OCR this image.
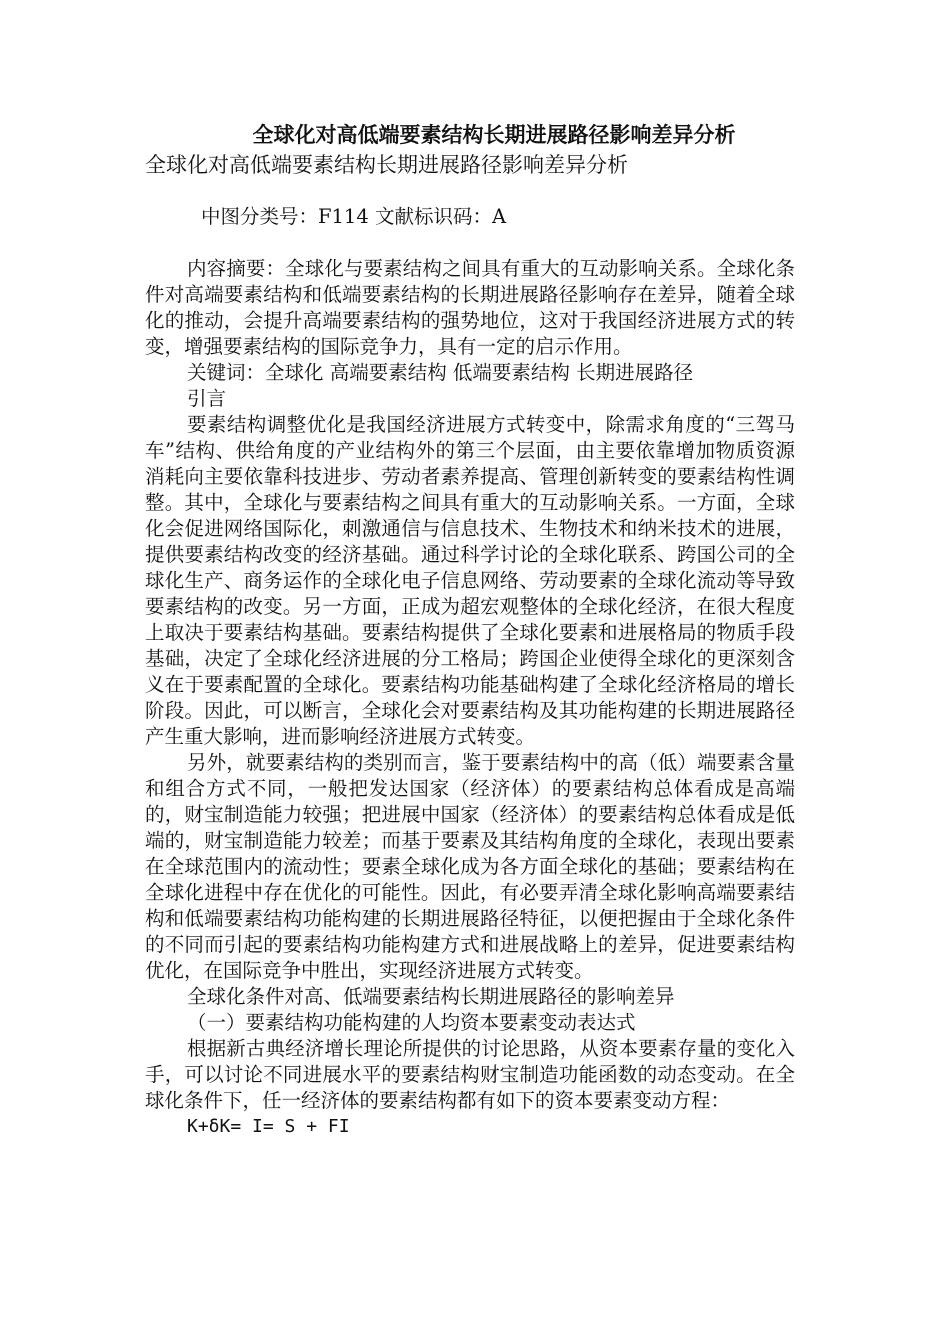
全球化对高低端要素结构长期进展路径影响差异分析

全球化对高低端要素结构长期进展路径影响差异分析

中图分类号：F114 文献标识码：A

内容摘要：全球化与要素结构之间具有重大的互动影响关系。全球化条件对高端要素结构和低端要素结构的长期进展路径影响存在差异，随着全球化的推动，会提升高端要素结构的强势地位，这对于我国经济进展方式的转变，增强要素结构的国际竞争力，具有一定的启示作用。

关键词：全球化 高端要素结构 低端要素结构 长期进展路径

引言

要素结构调整优化是我国经济进展方式转变中，除需求角度的“三驾马车”结构、供给角度的产业结构外的第三个层面，由主要依靠增加物质资源消耗向主要依靠科技进步、劳动者素养提高、管理创新转变的要素结构性调整。其中，全球化与要素结构之间具有重大的互动影响关系。一方面，全球化会促进网络国际化，刺激通信与信息技术、生物技术和纳米技术的进展，提供要素结构改变的经济基础。通过科学讨论的全球化联系、跨国公司的全球化生产、商务运作的全球化电子信息网络、劳动要素的全球化流动等导致要素结构的改变。另一方面，正成为超宏观整体的全球化经济，在很大程度上取决于要素结构基础。要素结构提供了全球化要素和进展格局的物质手段基础，决定了全球化经济进展的分工格局；跨国企业使得全球化的更深刻含义在于要素配置的全球化。要素结构功能基础构建了全球化经济格局的增长阶段。因此，可以断言，全球化会对要素结构及其功能构建的长期进展路径产生重大影响，进而影响经济进展方式转变。

另外，就要素结构的类别而言，鉴于要素结构中的高（低）端要素含量和组合方式不同，一般把发达国家（经济体）的要素结构总体看成是高端的，财宝制造能力较强；把进展中国家（经济体）的要素结构总体看成是低端的，财宝制造能力较差；而基于要素及其结构角度的全球化，表现出要素在全球范围内的流动性；要素全球化成为各方面全球化的基础；要素结构在全球化进程中存在优化的可能性。因此，有必要弄清全球化影响高端要素结构和低端要素结构功能构建的长期进展路径特征，以便把握由于全球化条件的不同而引起的要素结构功能构建方式和进展战略上的差异，促进要素结构优化，在国际竞争中胜出，实现经济进展方式转变。

全球化条件对高、低端要素结构长期进展路径的影响差异

（一）要素结构功能构建的人均资本要素变动表达式

根据新古典经济增长理论所提供的讨论思路，从资本要素存量的变化入手，可以讨论不同进展水平的要素结构财宝制造功能函数的动态变动。在全球化条件下，任一经济体的要素结构都有如下的资本要素变动方程：

K+δK= I= S + FI
